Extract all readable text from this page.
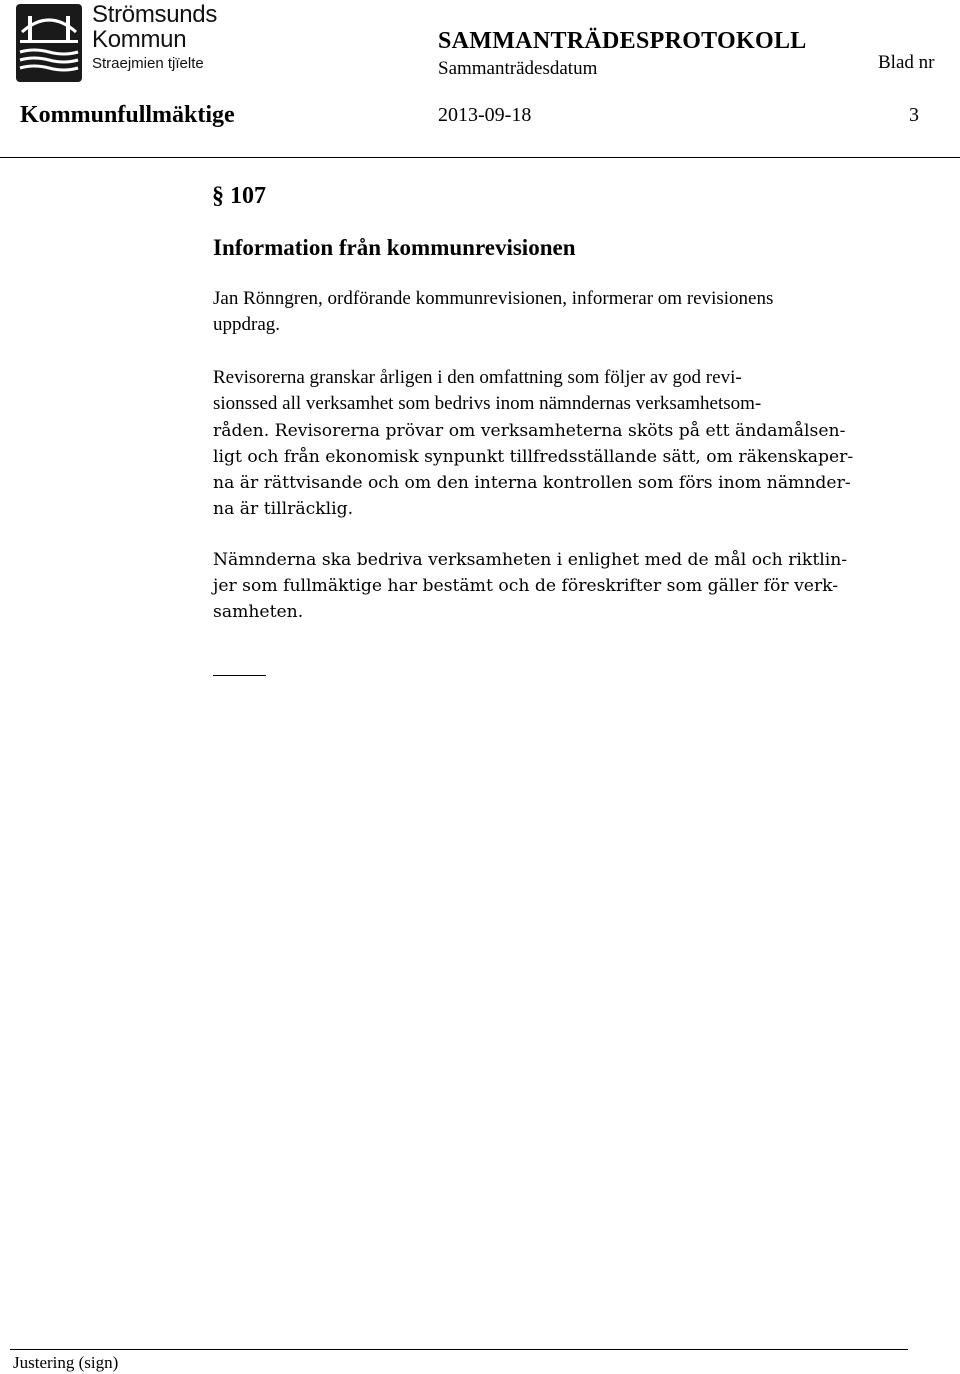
Strömsunds
Kommun
Straejmien tjïelte
SAMMANTRÄDESPROTOKOLL
Sammanträdesdatum	Blad nr
Kommunfullmäktige	2013-09-18	3
§ 107
Information från kommunrevisionen
Jan Rönngren, ordförande kommunrevisionen, informerar om revisionens
uppdrag.
Revisorerna granskar årligen i den omfattning som följer av god revi-
sionssed all verksamhet som bedrivs inom nämndernas verksamhetsom-
råden. Revisorerna prövar om verksamheterna sköts på ett ändamålsen-
ligt och från ekonomisk synpunkt tillfredsställande sätt, om räkenskaper-
na är rättvisande och om den interna kontrollen som förs inom nämnder-
na är tillräcklig.
Nämnderna ska bedriva verksamheten i enlighet med de mål och riktlin-
jer som fullmäktige har bestämt och de föreskrifter som gäller för verk-
samheten.
Justering (sign)
